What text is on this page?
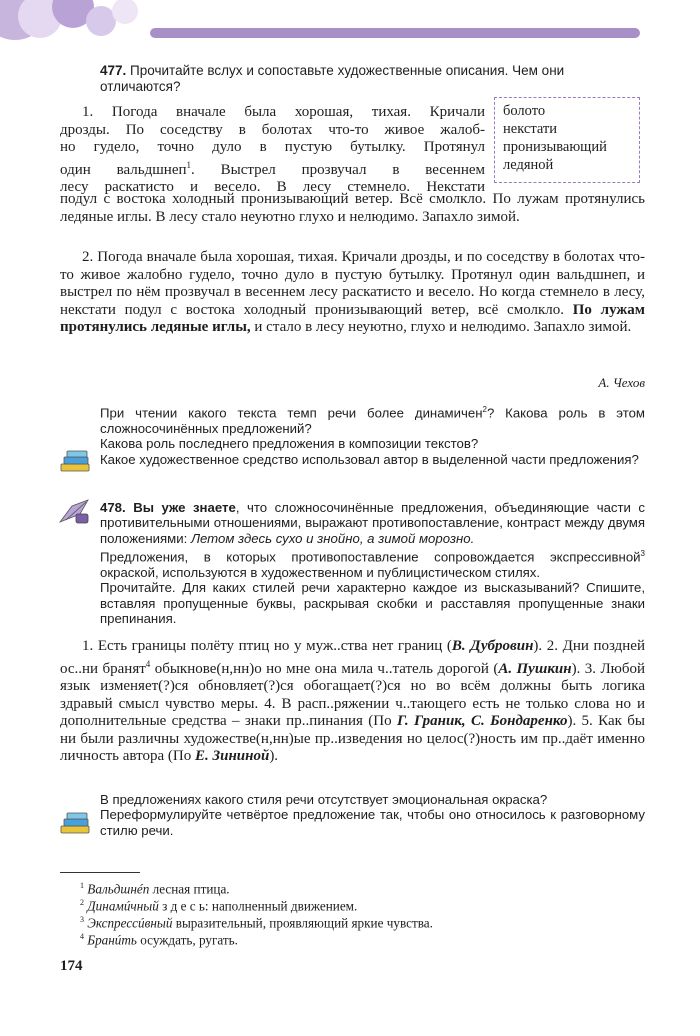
477. Прочитайте вслух и сопоставьте художественные описания. Чем они отличаются?
болото
некстати
пронизывающий
ледяной
1. Погода вначале была хорошая, тихая. Кричали
дрозды. По соседству в болотах что-то живое жалоб-
но гудело, точно дуло в пустую бутылку. Протянул
один вальдшнеп$^1$. Выстрел прозвучал в весеннем
лесу раскатисто и весело. В лесу стемнело. Некстати
подул с востока холодный пронизывающий ветер. Всё смолкло. По лужам протянулись ледяные иглы. В лесу стало неуютно глухо и нелюдимо. Запахло зимой.
2. Погода вначале была хорошая, тихая. Кричали дрозды, и по соседству в болотах что-то живое жалобно гудело, точно дуло в пустую бутылку. Протянул один вальдшнеп, и выстрел по нём прозвучал в весеннем лесу раскатисто и весело. Но когда стемнело в лесу, некстати подул с востока холодный пронизывающий ветер, всё смолкло. По лужам протянулись ледяные иглы, и стало в лесу неуютно, глухо и нелюдимо. Запахло зимой.
А. Чехов
При чтении какого текста темп речи более динамичен$^2$? Какова роль в этом сложносочинённых предложений?
Какова роль последнего предложения в композиции текстов?
Какое художественное средство использовал автор в выделенной части предложения?
478. Вы уже знаете, что сложносочинённые предложения, объединяющие части с противительными отношениями, выражают противопоставление, контраст между двумя положениями: Летом здесь сухо и знойно, а зимой морозно.
Предложения, в которых противопоставление сопровождается экспрессивной$^3$ окраской, используются в художественном и публицистическом стилях.
Прочитайте. Для каких стилей речи характерно каждое из высказываний? Спишите, вставляя пропущенные буквы, раскрывая скобки и расставляя пропущенные знаки препинания.
1. Есть границы полёту птиц но у муж..ства нет границ (В. Дубровин). 2. Дни поздней ос..ни бранят$^4$ обыкнове(н,нн)о но мне она мила ч..татель дорогой (А. Пушкин). 3. Любой язык изменяет(?)ся обновляет(?)ся обогащает(?)ся но во всём должны быть логика здравый смысл чувство меры. 4. В расп..ряжении ч..тающего есть не только слова но и дополнительные средства – знаки пр..пинания (По Г. Граник, С. Бондаренко). 5. Как бы ни были различны художестве(н,нн)ые пр..изведения но целос(?)ность им пр..даёт именно личность автора (По Е. Зининой).
В предложениях какого стиля речи отсутствует эмоциональная окраска?
Переформулируйте четвёртое предложение так, чтобы оно относилось к разговорному стилю речи.
$^1$ Вальдшнéп лесная птица.
$^2$ Динамúчный з д е с ь: наполненный движением.
$^3$ Экспрессúвный выразительный, проявляющий яркие чувства.
$^4$ Бранúть осуждать, ругать.
174
